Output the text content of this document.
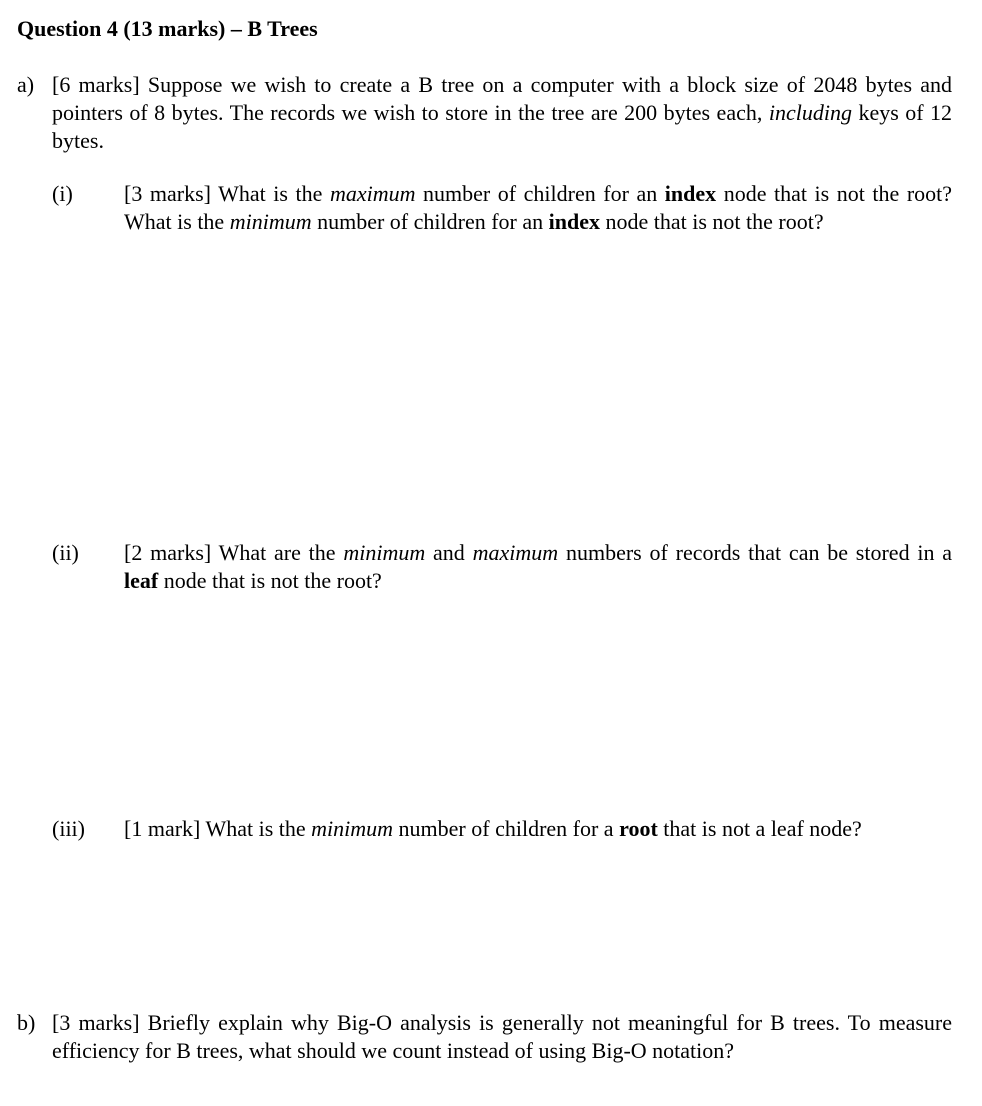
Question 4 (13 marks) – B Trees
a) [6 marks] Suppose we wish to create a B tree on a computer with a block size of 2048 bytes and pointers of 8 bytes. The records we wish to store in the tree are 200 bytes each, including keys of 12 bytes.
(i)	[3 marks] What is the maximum number of children for an index node that is not the root? What is the minimum number of children for an index node that is not the root?
(ii)	[2 marks] What are the minimum and maximum numbers of records that can be stored in a leaf node that is not the root?
(iii)	[1 mark] What is the minimum number of children for a root that is not a leaf node?
b) [3 marks] Briefly explain why Big-O analysis is generally not meaningful for B trees. To measure efficiency for B trees, what should we count instead of using Big-O notation?
